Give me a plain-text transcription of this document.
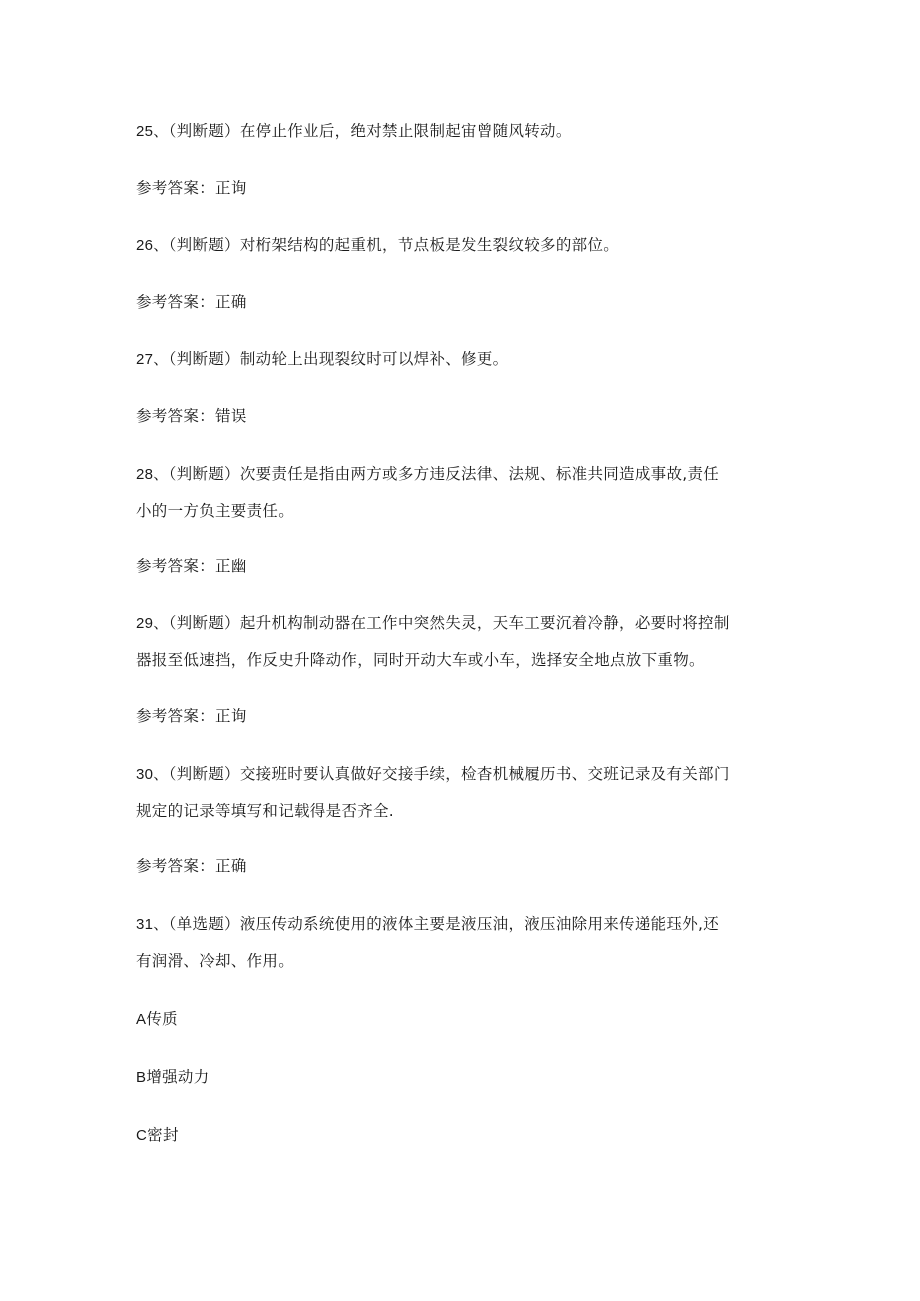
25、（判断题）在停止作业后，绝对禁止限制起宙曾随风转动。
参考答案：正询
26、（判断题）对桁架结构的起重机，节点板是发生裂纹较多的部位。
参考答案：正确
27、（判断题）制动轮上出现裂纹时可以焊补、修更。
参考答案：错误
28、（判断题）次要责任是指由两方或多方违反法律、法规、标准共同造成事故,责任
小的一方负主要责任。
参考答案：正幽
29、（判断题）起升机构制动器在工作中突然失灵，天车工要沉着冷静，必要时将控制
器报至低速挡，作反史升降动作，同时开动大车或小车，选择安全地点放下重物。
参考答案：正询
30、（判断题）交接班时要认真做好交接手续，检杳机械履历书、交班记录及有关部门
规定的记录等填写和记载得是否齐全.
参考答案：正确
31、（单选题）液压传动系统使用的液体主要是液压油，液压油除用来传递能珏外,还
有润滑、冷却、作用。
A传质
B增强动力
C密封
